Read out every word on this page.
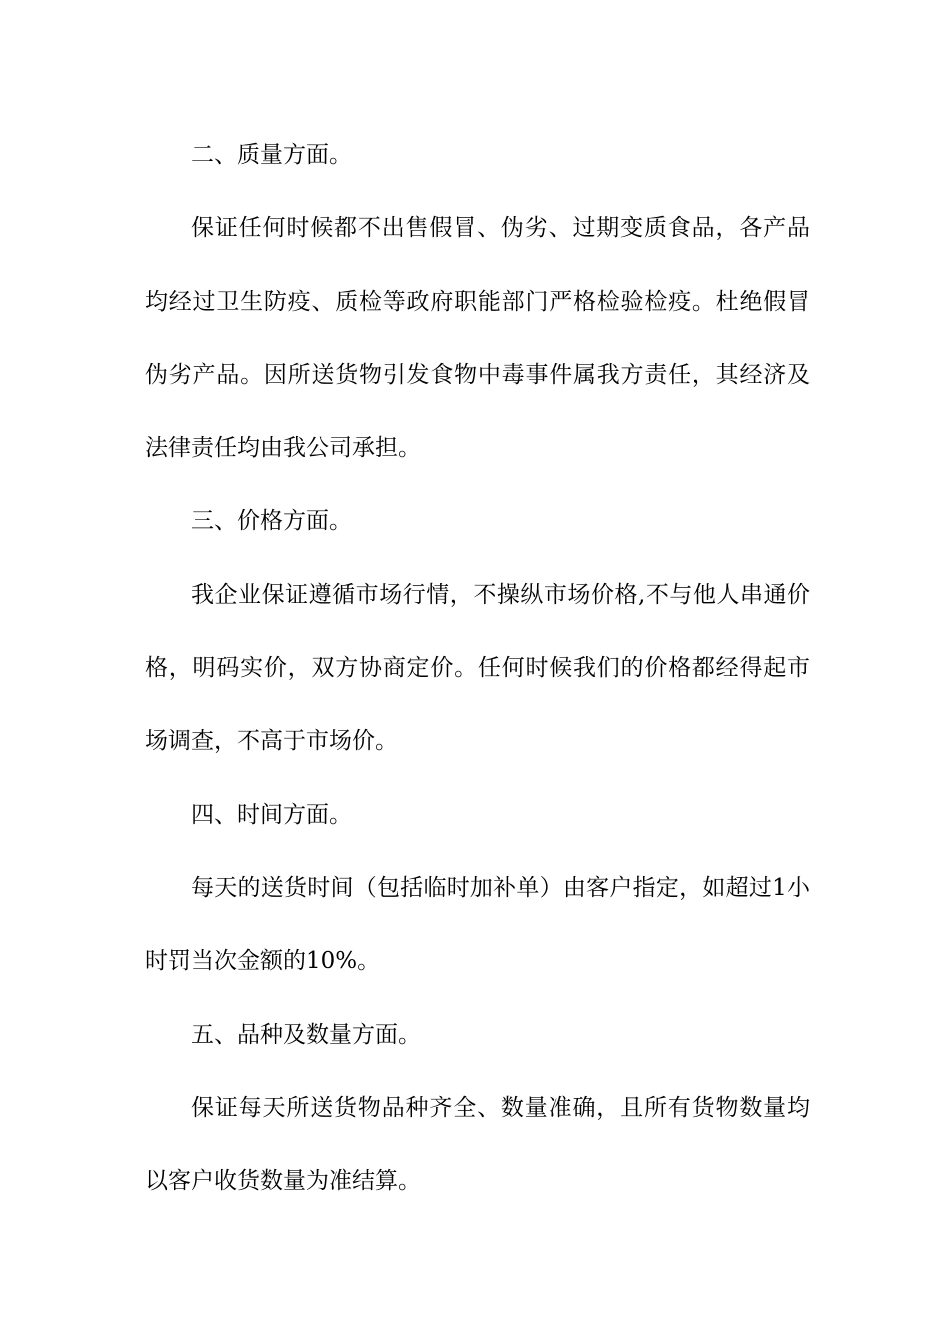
二、质量方面。

保证任何时候都不出售假冒、伪劣、过期变质食品，各产品均经过卫生防疫、质检等政府职能部门严格检验检疫。杜绝假冒伪劣产品。因所送货物引发食物中毒事件属我方责任，其经济及法律责任均由我公司承担。

三、价格方面。

我企业保证遵循市场行情，不操纵市场价格,不与他人串通价格，明码实价，双方协商定价。任何时候我们的价格都经得起市场调查，不高于市场价。

四、时间方面。

每天的送货时间（包括临时加补单）由客户指定，如超过1小时罚当次金额的10%。

五、品种及数量方面。

保证每天所送货物品种齐全、数量准确，且所有货物数量均以客户收货数量为准结算。
